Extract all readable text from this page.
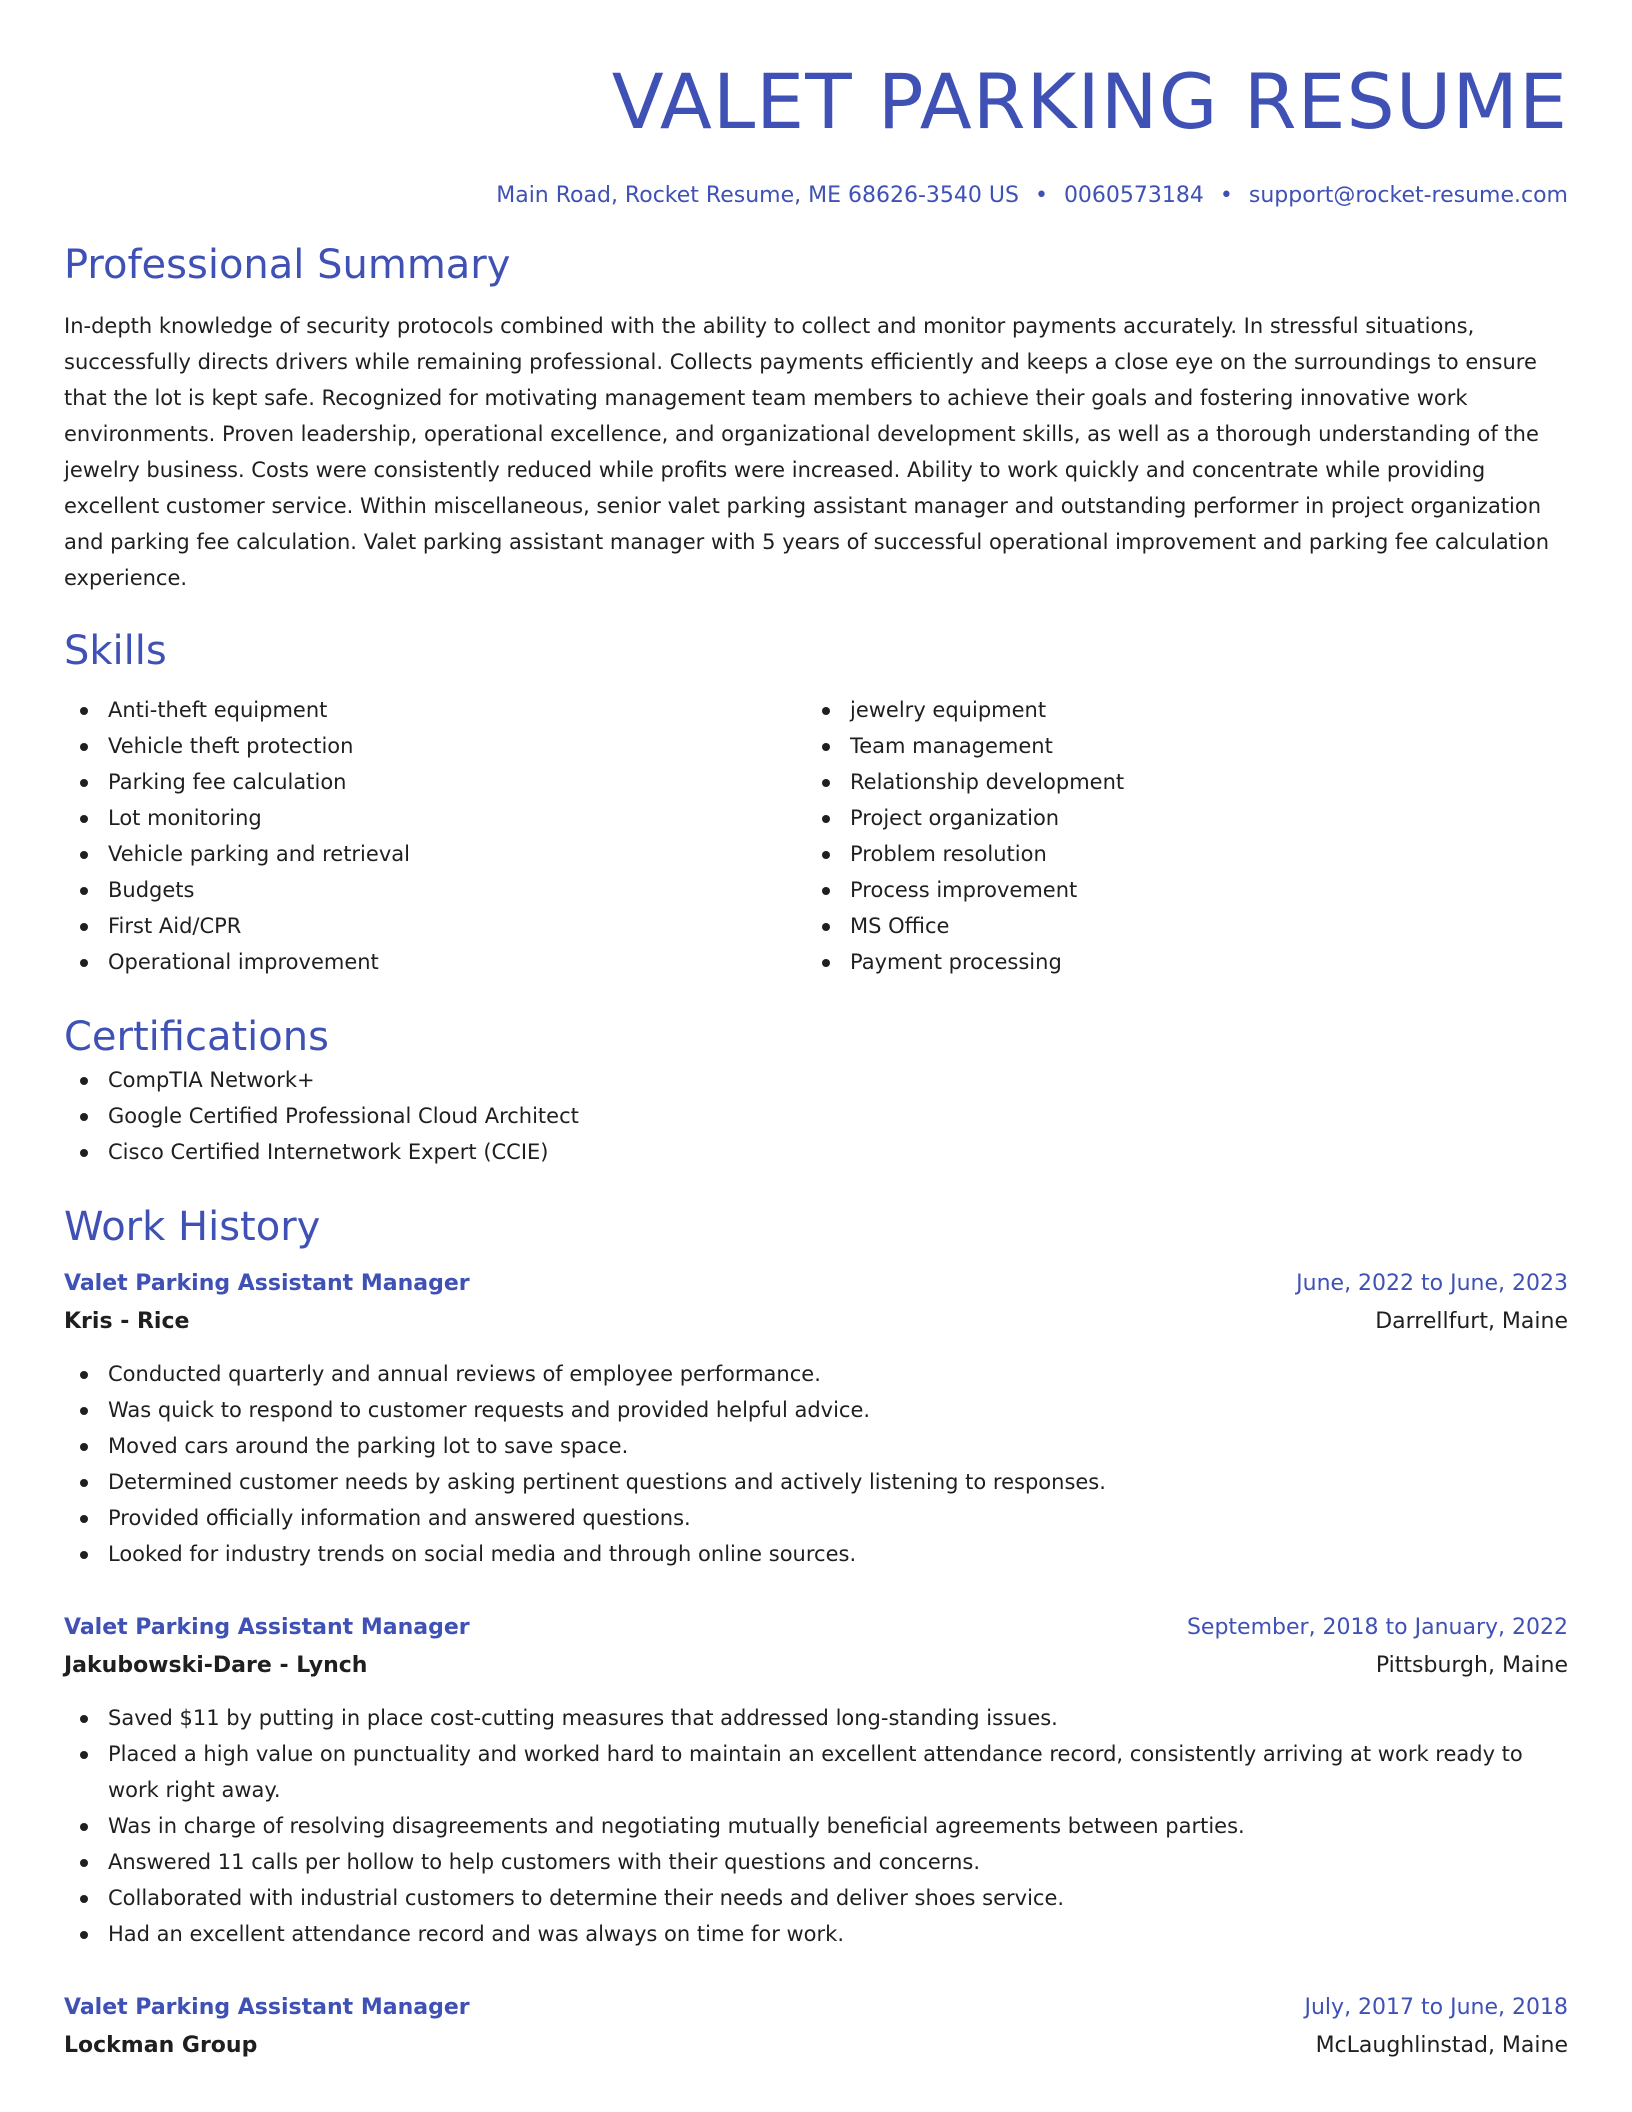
VALET PARKING RESUME
Main Road, Rocket Resume, ME 68626-3540 US • 0060573184 • support@rocket-resume.com
Professional Summary

In-depth knowledge of security protocols combined with the ability to collect and monitor payments accurately. In stressful situations, successfully directs drivers while remaining professional. Collects payments efficiently and keeps a close eye on the surroundings to ensure that the lot is kept safe. Recognized for motivating management team members to achieve their goals and fostering innovative work environments. Proven leadership, operational excellence, and organizational development skills, as well as a thorough understanding of the jewelry business. Costs were consistently reduced while profits were increased. Ability to work quickly and concentrate while providing excellent customer service. Within miscellaneous, senior valet parking assistant manager and outstanding performer in project organization and parking fee calculation. Valet parking assistant manager with 5 years of successful operational improvement and parking fee calculation experience.

Skills
Anti-theft equipment
Vehicle theft protection
Parking fee calculation
Lot monitoring
Vehicle parking and retrieval
Budgets
First Aid/CPR
Operational improvement
jewelry equipment
Team management
Relationship development
Project organization
Problem resolution
Process improvement
MS Office
Payment processing
Certifications
CompTIA Network+
Google Certified Professional Cloud Architect
Cisco Certified Internetwork Expert (CCIE)
Work History
Valet Parking Assistant Manager	June, 2022 to June, 2023
Kris - Rice	Darrellfurt, Maine
Conducted quarterly and annual reviews of employee performance.
Was quick to respond to customer requests and provided helpful advice.
Moved cars around the parking lot to save space.
Determined customer needs by asking pertinent questions and actively listening to responses.
Provided officially information and answered questions.
Looked for industry trends on social media and through online sources.
Valet Parking Assistant Manager	September, 2018 to January, 2022
Jakubowski-Dare - Lynch	Pittsburgh, Maine
Saved $11 by putting in place cost-cutting measures that addressed long-standing issues.
Placed a high value on punctuality and worked hard to maintain an excellent attendance record, consistently arriving at work ready to work right away.
Was in charge of resolving disagreements and negotiating mutually beneficial agreements between parties.
Answered 11 calls per hollow to help customers with their questions and concerns.
Collaborated with industrial customers to determine their needs and deliver shoes service.
Had an excellent attendance record and was always on time for work.
Valet Parking Assistant Manager	July, 2017 to June, 2018
Lockman Group	McLaughlinstad, Maine
